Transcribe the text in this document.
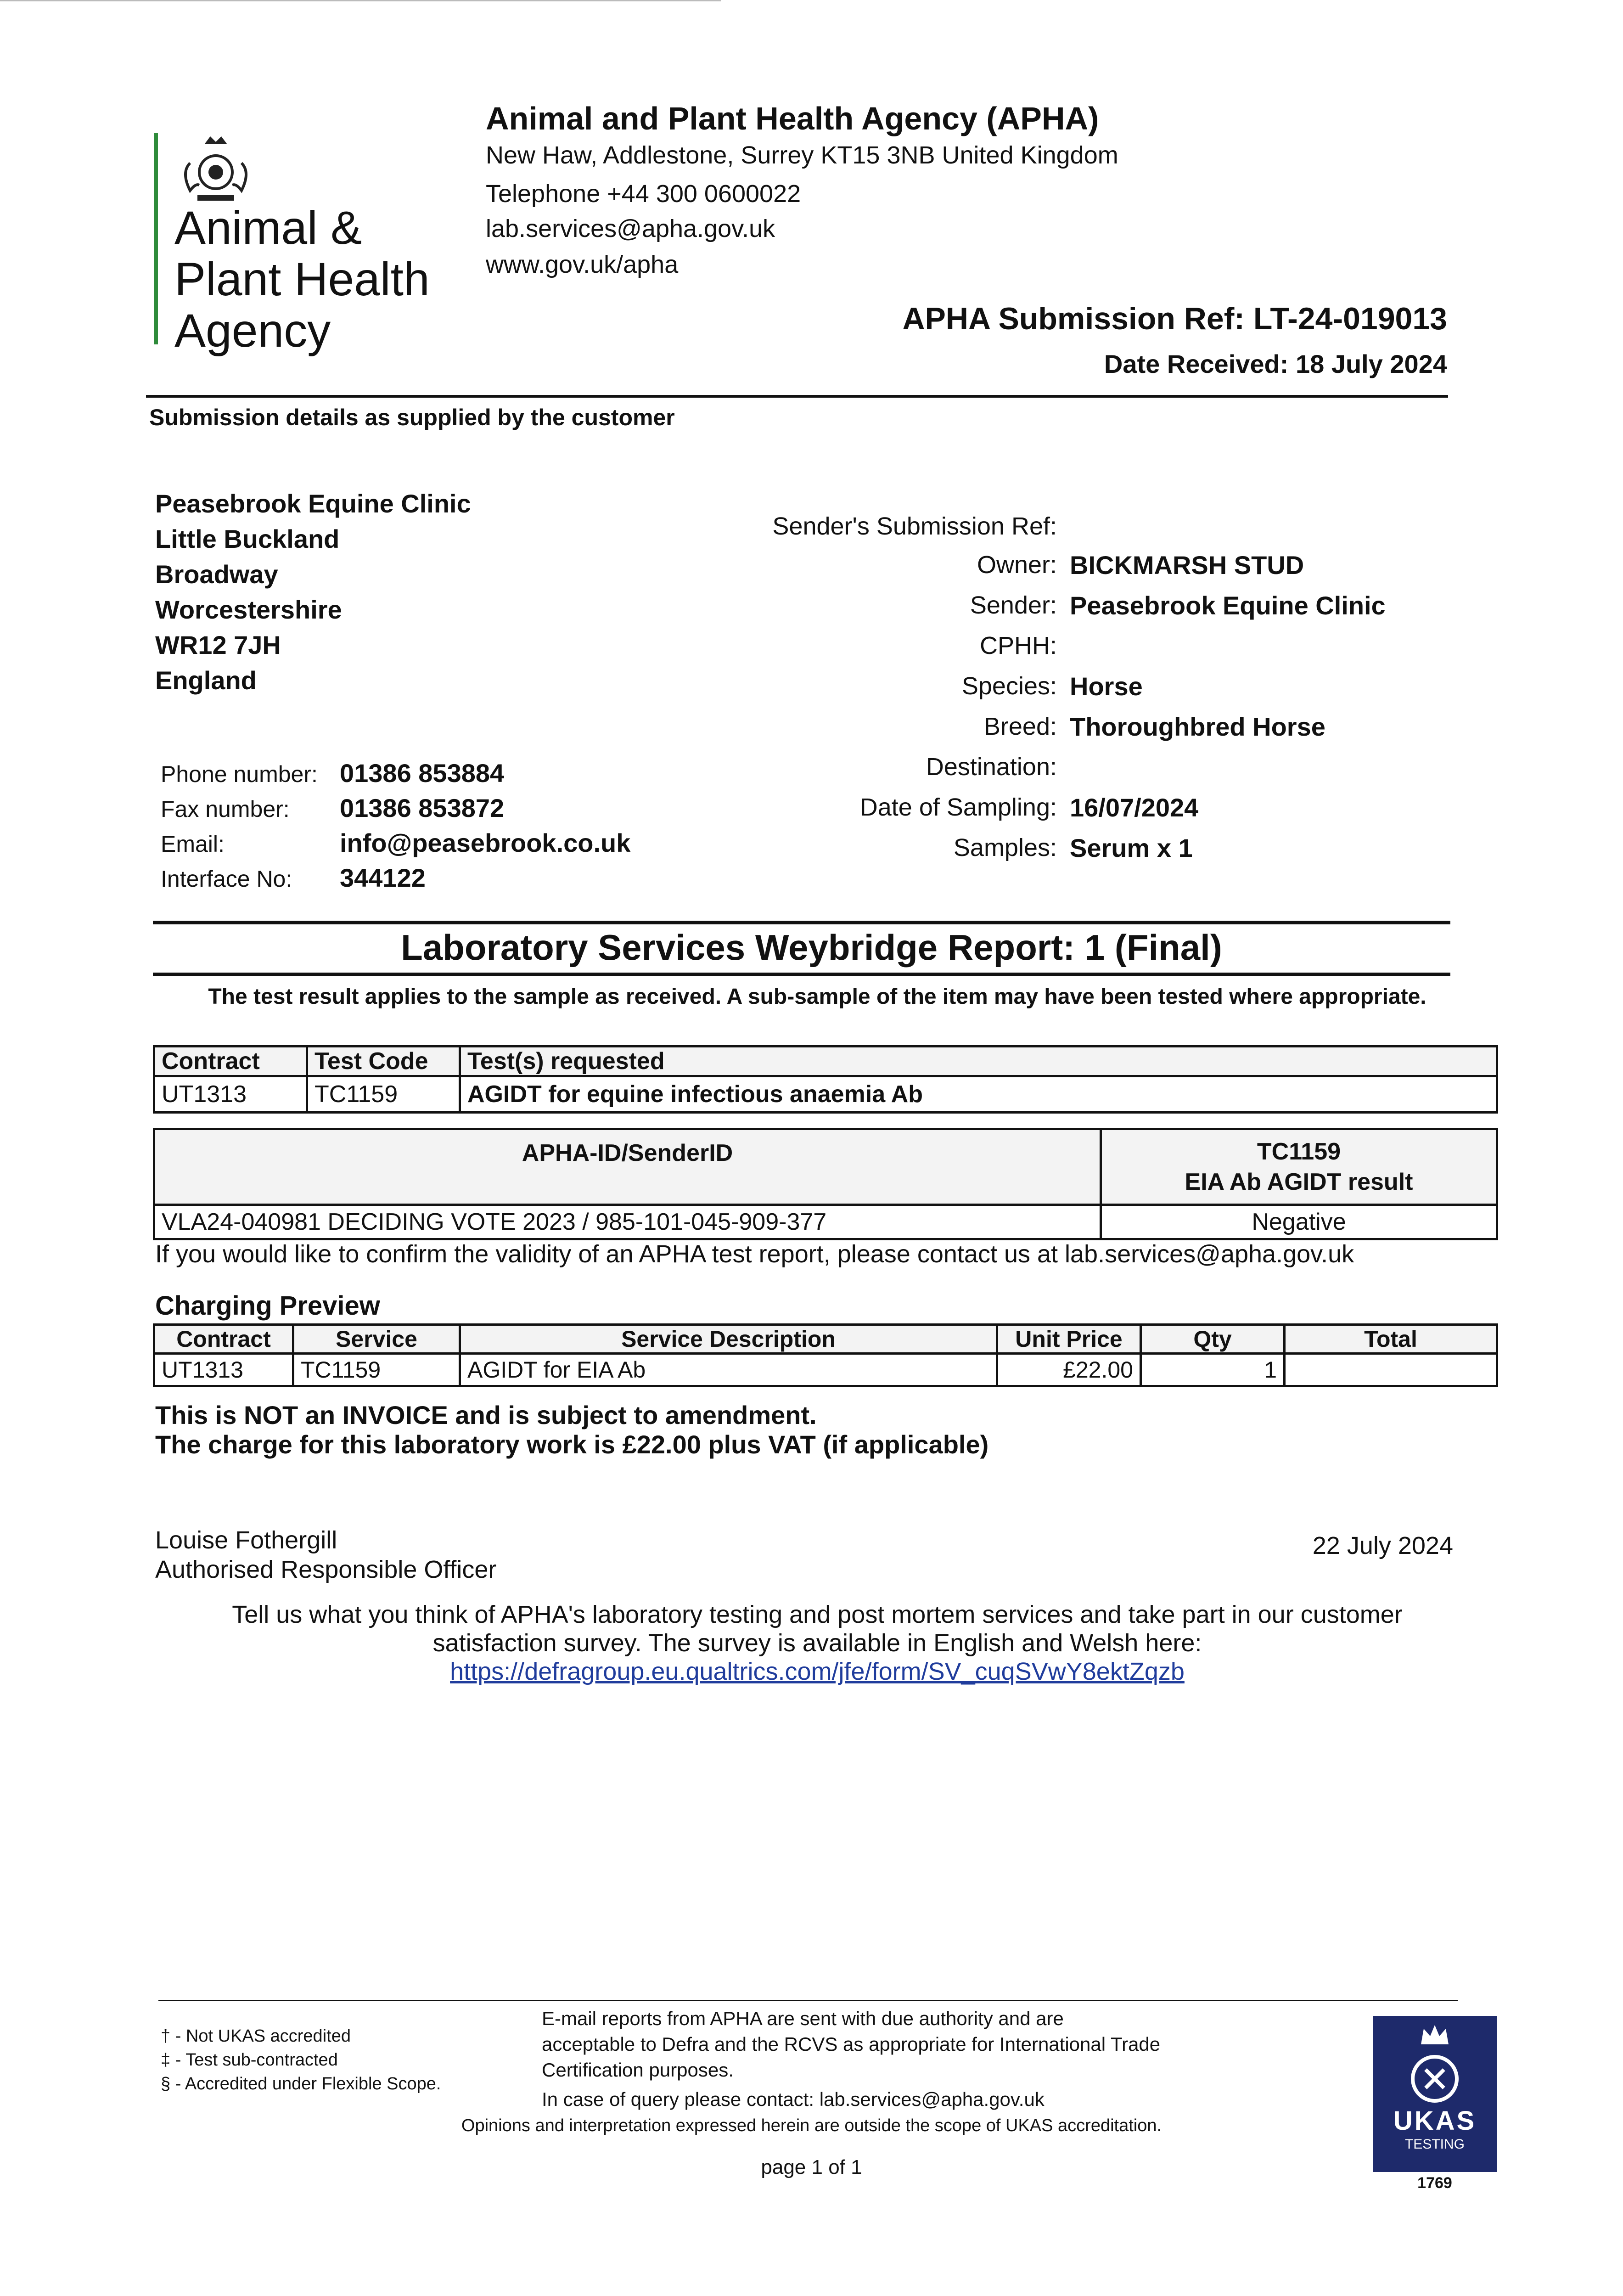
Animal &
Plant Health
Agency
Animal and Plant Health Agency (APHA)
New Haw, Addlestone, Surrey KT15 3NB United Kingdom
Telephone +44 300 0600022
lab.services@apha.gov.uk
www.gov.uk/apha
APHA Submission Ref: LT-24-019013
Date Received: 18 July 2024
Submission details as supplied by the customer
Peasebrook Equine Clinic
Little Buckland
Broadway
Worcestershire
WR12 7JH
England
Phone number: 01386 853884
Fax number: 01386 853872
Email:	info@peasebrook.co.uk
Interface No: 344122
Sender's Submission Ref:
Owner: BICKMARSH STUD
Sender: Peasebrook Equine Clinic
CPHH:
Species: Horse
Breed: Thoroughbred Horse
Destination:
Date of Sampling: 16/07/2024
Samples: Serum x 1
Laboratory Services Weybridge Report: 1 (Final)
The test result applies to the sample as received. A sub-sample of the item may have been tested where appropriate.
Contract	Test Code	Test(s) requested
UT1313	TC1159	AGIDT for equine infectious anaemia Ab
APHA-ID/SenderID	TC1159
EIA Ab AGIDT result

VLA24-040981 DECIDING VOTE 2023 / 985-101-045-909-377	Negative
If you would like to confirm the validity of an APHA test report, please contact us at lab.services@apha.gov.uk
Charging Preview
Contract	Service	Service Description	Unit Price	Qty	Total
UT1313	TC1159	AGIDT for EIA Ab	£22.00	1	
This is NOT an INVOICE and is subject to amendment.
The charge for this laboratory work is £22.00 plus VAT (if applicable)
Louise Fothergill
Authorised Responsible Officer
22 July 2024
Tell us what you think of APHA's laboratory testing and post mortem services and take part in our customer
satisfaction survey. The survey is available in English and Welsh here:
https://defragroup.eu.qualtrics.com/jfe/form/SV_cuqSVwY8ektZqzb
† - Not UKAS accredited
‡ - Test sub-contracted
§ - Accredited under Flexible Scope.
E-mail reports from APHA are sent with due authority and are
acceptable to Defra and the RCVS as appropriate for International Trade
Certification purposes.
In case of query please contact: lab.services@apha.gov.uk
Opinions and interpretation expressed herein are outside the scope of UKAS accreditation.
page 1 of 1
UKAS
TESTING
1769
